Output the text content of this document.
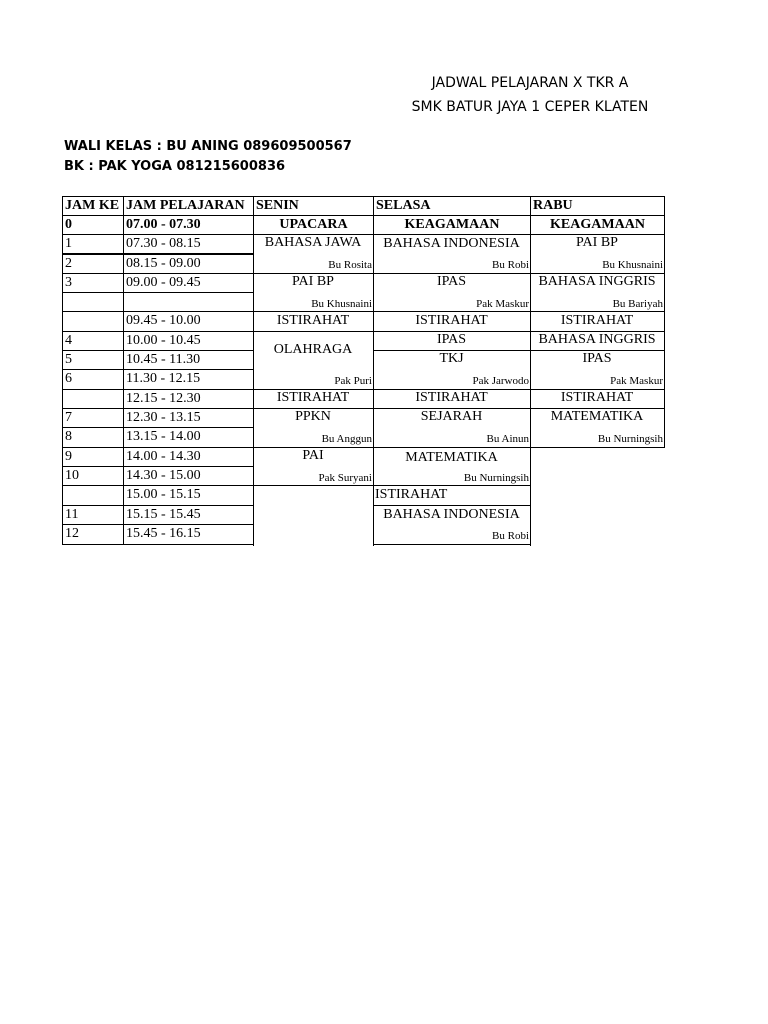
JADWAL PELAJARAN X TKR A
SMK BATUR JAYA 1 CEPER KLATEN
WALI KELAS : BU ANING 089609500567
BK : PAK YOGA 081215600836
JAM KE JAM PELAJARAN SENIN	SELASA	RABU
0
1
2
3
4
5
6
7
8
9
10
11
12
07.00 - 07.30
07.30 - 08.15
08.15 - 09.00
09.00 - 09.45
09.45 - 10.00
10.00 - 10.45
10.45 - 11.30
11.30 - 12.15
12.15 - 12.30
12.30 - 13.15
13.15 - 14.00
14.00 - 14.30
14.30 - 15.00
15.00 - 15.15
15.15 - 15.45
15.45 - 16.15
UPACARA
BAHASA JAWA
Bu Rosita
PAI BP
Bu Khusnaini
ISTIRAHAT
OLAHRAGA
Pak Puri
ISTIRAHAT
PPKN
Bu Anggun
PAI
Pak Suryani
KEAGAMAAN
BAHASA INDONESIA
Bu Robi
IPAS
Pak Maskur
ISTIRAHAT
IPAS
TKJ
Pak Jarwodo
ISTIRAHAT
SEJARAH
Bu Ainun
MATEMATIKA
Bu Nurningsih
ISTIRAHAT
BAHASA INDONESIA
Bu Robi
KEAGAMAAN
PAI BP
Bu Khusnaini
BAHASA INGGRIS
Bu Bariyah
ISTIRAHAT
BAHASA INGGRIS
IPAS
Pak Maskur
ISTIRAHAT
MATEMATIKA
Bu Nurningsih
